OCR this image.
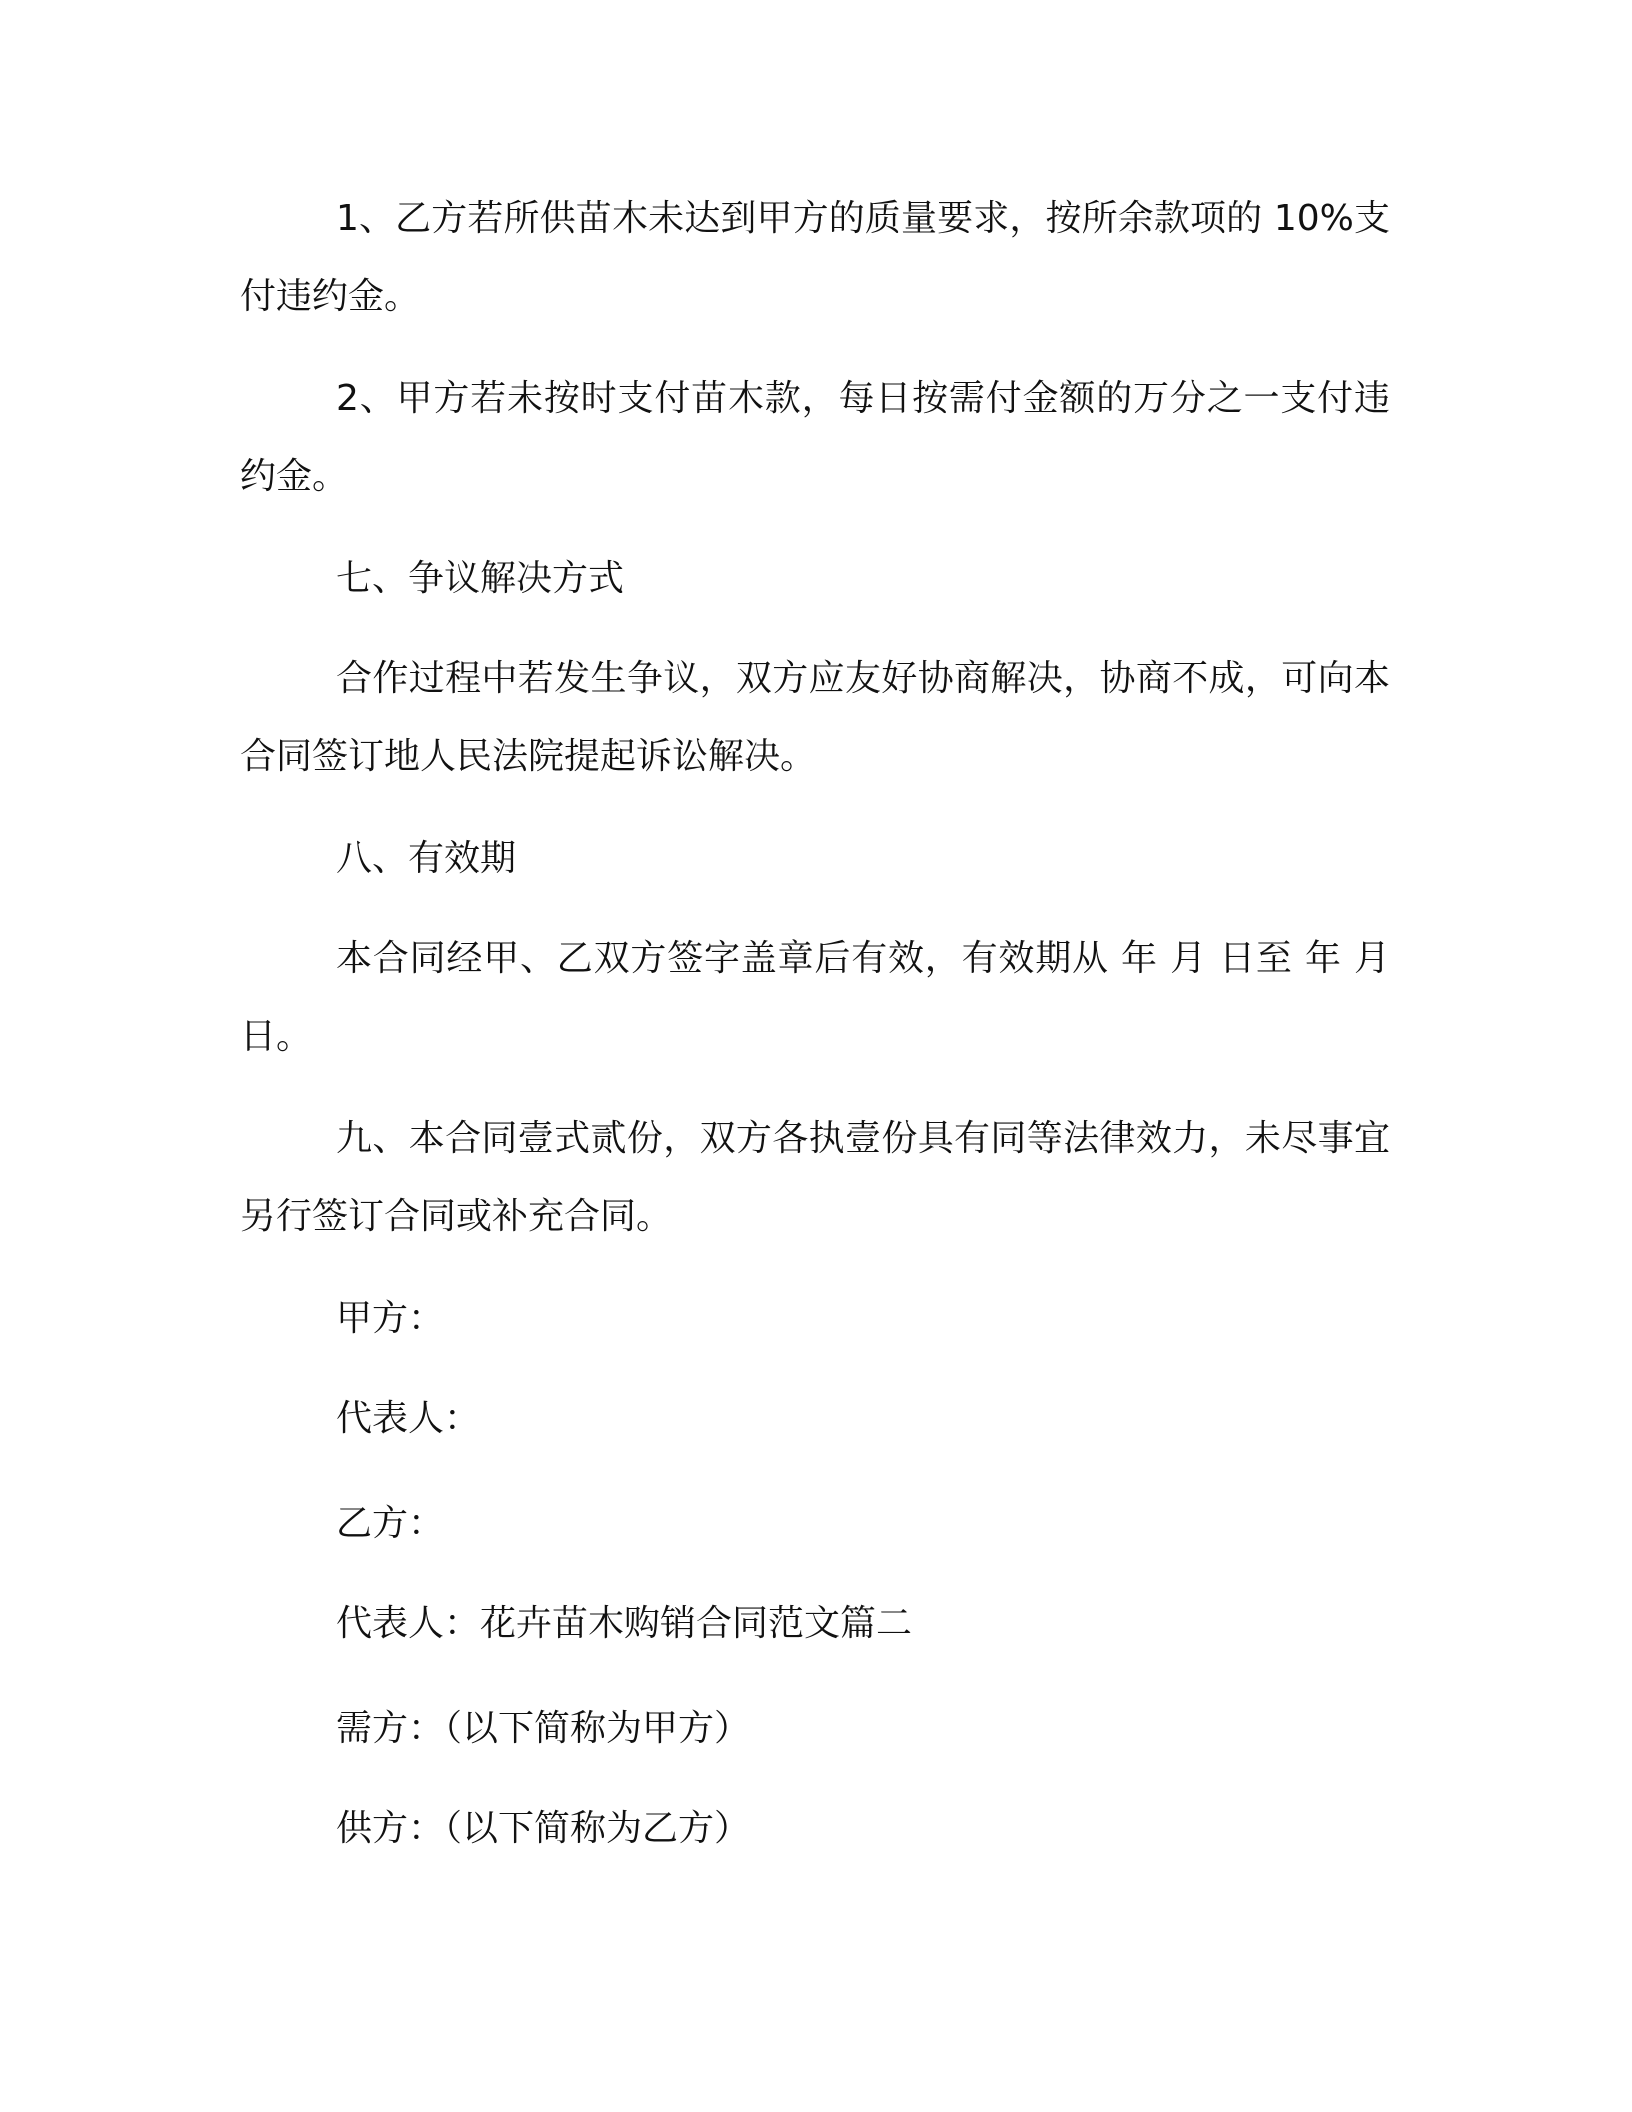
1、乙方若所供苗木未达到甲方的质量要求，按所余款项的 10%支付违约金。

2、甲方若未按时支付苗木款，每日按需付金额的万分之一支付违约金。

七、争议解决方式

合作过程中若发生争议，双方应友好协商解决，协商不成，可向本合同签订地人民法院提起诉讼解决。

八、有效期

本合同经甲、乙双方签字盖章后有效，有效期从 年 月 日至 年 月日。

九、本合同壹式贰份，双方各执壹份具有同等法律效力，未尽事宜另行签订合同或补充合同。

甲方：

代表人：

乙方：

代表人：花卉苗木购销合同范文篇二

需方：（以下简称为甲方）

供方：（以下简称为乙方）
